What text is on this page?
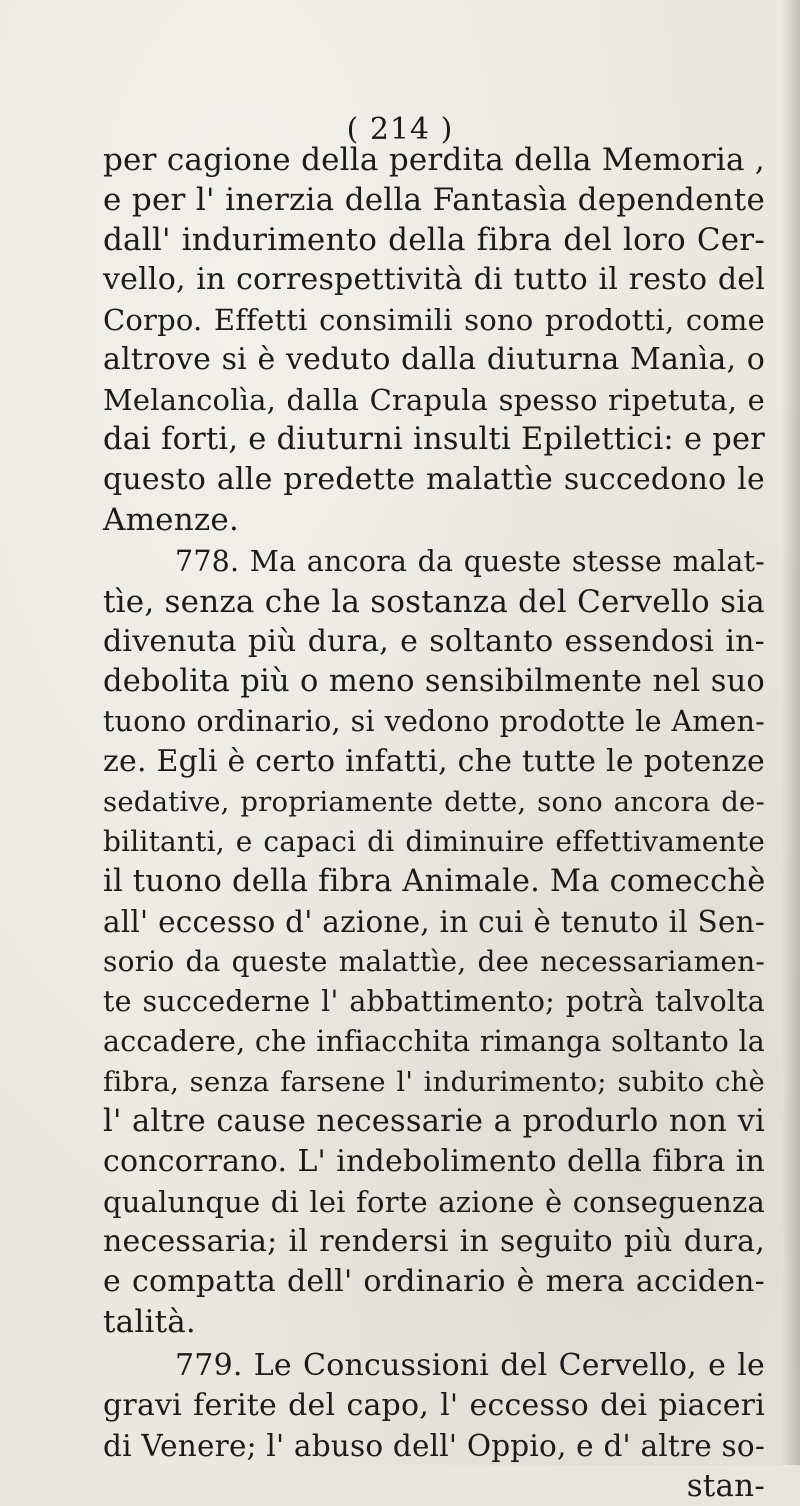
( 214 )
per cagione della perdita della Memoria ,
e per l' inerzia della Fantasìa dependente
dall' indurimento della fibra del loro Cer-
vello, in correspettività di tutto il resto del
Corpo. Effetti consimili sono prodotti, come
altrove si è veduto dalla diuturna Manìa, o
Melancolìa, dalla Crapula spesso ripetuta, e
dai forti, e diuturni insulti Epilettici: e per
questo alle predette malattìe succedono le
Amenze.
778. Ma ancora da queste stesse malat-
tìe, senza che la sostanza del Cervello sia
divenuta più dura, e soltanto essendosi in-
debolita più o meno sensibilmente nel suo
tuono ordinario, si vedono prodotte le Amen-
ze. Egli è certo infatti, che tutte le potenze
sedative, propriamente dette, sono ancora de-
bilitanti, e capaci di diminuire effettivamente
il tuono della fibra Animale. Ma comecchè
all' eccesso d' azione, in cui è tenuto il Sen-
sorio da queste malattìe, dee necessariamen-
te succederne l' abbattimento; potrà talvolta
accadere, che infiacchita rimanga soltanto la
fibra, senza farsene l' indurimento; subito chè
l' altre cause necessarie a produrlo non vi
concorrano. L' indebolimento della fibra in
qualunque di lei forte azione è conseguenza
necessaria; il rendersi in seguito più dura,
e compatta dell' ordinario è mera acciden-
talità.
779. Le Concussioni del Cervello, e le
gravi ferite del capo, l' eccesso dei piaceri
di Venere; l' abuso dell' Oppio, e d' altre so-
stan-
